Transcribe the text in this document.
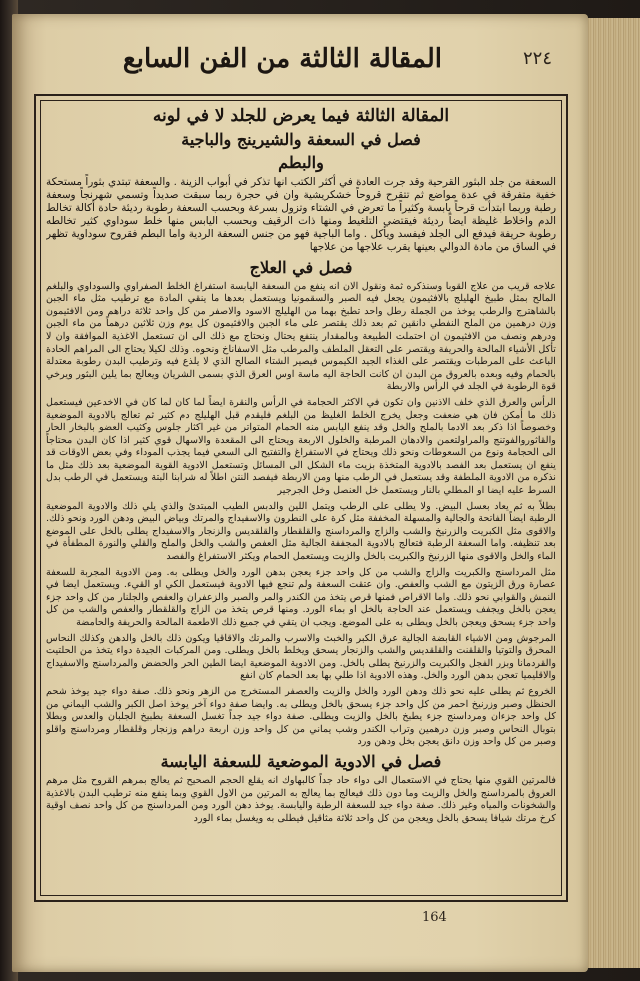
المقالة الثالثة من الفن السابع	٢٢٤
المقالة الثالثة فيما يعرض للجلد لا في لونه
فصل في السعفة والشيرينج والباجية
والبطم

السعفة من جلد البثور القرحية وقد جرت العادة في أكثر الكتب انها تذكر في أبواب الزينة . والسعفة تبتدي بثوراً مستحكة خفية متفرقة في عدة مواضع ثم تتقرح قروحاً خشكريشية وان في حجرة ربما سبقت صديداً وتسمي شهرنجاً وسعفة رطبة وربما ابتدأت قرحاً يابسة وكثيراً ما تعرض في الشتاء وتزول بسرعة وبحسب السعفة رطوبة رديئة حادة أكالة تخالط الدم واخلاط غليظة ايضاً رديئة فيقتضي التلغيط ومنها ذات الرقيف وبحسب اليابس منها خلط سوداوي كثير تخالطه رطوبة حريفة فيدفع الى الجلد فيفسد ويأكل . واما الباجية فهو من جنس السعفة الردية واما البطم فقروح سوداوية تظهر في الساق من مادة الدوالي بعينها يقرب علاجها من علاجها

فصل في العلاج

علاجه قريب من علاج القوبا وسنذكره ثمة ونقول الان انه ينفع من السعفة اليابسة استفراغ الخلط الصفراوي والسوداوي والبلغم المالح بمثل طبيخ الهليلج بالافثيمون يجعل فيه الصبر والسقمونيا ويستعمل بعدها ما ينقي المادة مع ترطيب مثل ماء الجبن بالشاهترج والرطب يوخذ من الجملة رطل واحد تطبخ بهما من الهليلج الاسود والاصفر من كل واحد ثلاثة دراهم ومن الافثيمون وزن درهمين من الملح النفطي دانقين ثم بعد ذلك يقتصر على ماء الجبن والافثيمون كل يوم وزن ثلاثين درهماً من ماء الجبن ودرهم ونصف من الافثيمون ان احتملت الطبيعة وبالمقدار ينتفع يحتال ونحتاج مع ذلك الى ان تستعمل الاغذية الموافقة وان لا تأكل الأشياء المالحة والحريفة ويقتصر على التعقل الملطف والمرطب مثل الاسفاناخ ونحوه. وذلك لكيلا يحتاج الى المراهم الحادة الباعث على المرطبات ويقتصر على الغذاء الجيد الكيموس فيصير الشتاء الصالح الذي لا يلذع فيه وترطيب البدن رطوبة معتدلة بالحمام وفيه وبعده بالعروق من البدن ان كانت الحاجة اليه ماسة اوس العرق الذي بسمى الشريان ويعالج بما يلين البثور ويرخي قوة الرطوبة في الجلد في الرأس والاربطة

الرأس والعرق الذي خلف الاذنين وان تكون في الاكثر الحجامة في الرأس والنقرة ايضاً لما كان لما كان في الاخدعين فيستعمل ذلك ما أمكن فان هي ضعفت وجعل يخرج الخلط الغليظ من البلغم فليقدم قبل الهليلج دم كثير ثم تعالج بالادوية الموضعية وخصوصاً اذا ذكر بعد الادما بالملح والخل وقد ينفع اليابس منه الحمام المتواتر من غير اكثار جلوس وكثيب العضو بالبخار الحار والقاثوروالفوتنج والمراولتعمن والادهان المرطبة والخلول الاربعة ويحتاج الى المقعدة والاسهال قوي كثير اذا كان البدن محتاجاً الى الحجامة ونوع من السعوطات ونحو ذلك ويحتاج في الاستفراغ والتفتيح الى السعي فيما يجذب الموداء وفي بعض الاوقات قد ينفع ان يستعمل بعد الفصد بالادوية المتخذة بزيت ماء الشكل الى المسائل وتستعمل الادوية القوية الموضعية بعد ذلك مثل ما نذكره من الادوية الملطفة وقد يستعمل في الرطب منها ومن الاربطة فيفصد النتن اطلاً له شرابنا البتة ويستعمل في الرطب بدل السرط عليه ايضا او المطلي بالنار ويستعمل خل العنصل وخل الجرجير

بطلاً به ثم يعاد بعسل البيض. ولا يطلى على الرطب ويتمل اللين والدبس الطيب المبتدئ والذي يلي ذلك والادوية الموضعية الرطبة ايضاً الفاتحة والجالية والمسهلة المخففة مثل كرة على النطرون والاسفيداج والمرتك وبياض البيض ودهن الورد ونحو ذلك. والاقوى مثل الكبريت والزرنيخ والشب والزاج والمرداسنج والقلقطار والقلقديس والزنجار والاسفيداج يطلى بالخل على الموضع بعد تنظيفه. واما السعفة الرطبة فتعالج بالادوية المجففة الجالية مثل العفص والشب والخل والملح والقلي والنورة المطفأة في الماء والخل والاقوى منها الزرنيخ والكبريت بالخل والزيت ويستعمل الحمام ويكثر الاستفراغ والفصد

مثل المرداسنج والكبريت والزاج والشب من كل واحد جزء يعجن بدهن الورد والخل ويطلى به. ومن الادوية المجربة للسعفة عصارة ورق الزيتون مع الشب والعفص. وان عتقت السعفة ولم تنجع فيها الادوية فيستعمل الكي او القيء. ويستعمل ايضا في النمش والقوابي نحو ذلك. واما الاقراص فمنها قرص يتخذ من الكندر والمر والصبر والزعفران والعفص والجلنار من كل واحد جزء يعجن بالخل ويجفف ويستعمل عند الحاجة بالخل او بماء الورد. ومنها قرص يتخذ من الزاج والقلقطار والعفص والشب من كل واحد جزء يسحق ويعجن بالخل ويطلى به على الموضع. ويجب ان يتقي في جميع ذلك الاطعمة المالحة والحريفة والحامضة

المرجوش ومن الاشياء القابضة الجالية عرق الكبر والخبث والاسرب والمرتك والاقاقيا ويكون ذلك بالخل والدهن وكذلك النحاس المحرق والتوتيا والقلقنت والقلقديس والشب والزنجار يسحق ويخلط بالخل ويطلى. ومن المركبات الجيدة دواء يتخذ من الحلتيت والقردمانا وبزر الفجل والكبريت والزرنيخ يطلى بالخل. ومن الادوية الموضعية ايضا الطين الحر والحضض والمرداسنج والاسفيداج والاقليميا تعجن بدهن الورد والخل. وهذه الادوية اذا طلي بها بعد الحمام كان انفع

الخروع ثم يطلى عليه نحو ذلك ودهن الورد والخل والزيت والعصفر المستخرج من الزهر ونحو ذلك. صفة دواء جيد يوخذ شحم الحنظل وصبر وزرنيخ احمر من كل واحد جزء يسحق بالخل ويطلى به. وايضا صفة دواء آخر يوخذ اصل الكبر والشب اليماني من كل واحد جزءان ومرداسنج جزء يطبخ بالخل والزيت ويطلى. صفة دواء جيد جداً تغسل السعفة بطبيخ الجلبان والعدس وبطلا بتوبال النحاس وصبر وزن درهمين وتراب الكندر وشب يماني من كل واحد وزن اربعة دراهم وزنجار وقلقطار ومرداسنج واقلو وصبر من كل واحد وزن دانق يعجن بخل ودهن ورد

فصل في الادوية الموضعية للسعفة اليابسة

فالمرتين القوي منها يحتاج في الاستعمال الى دواء حاد جداً كالبهاوك انه يقلع الحجم الصحيح ثم يعالج بمرهم القروح مثل مرهم العروق بالمرداسنج والخل والزيت وما دون ذلك فيعالج بما يعالج به المرتين من الاول القوي وبما ينفع منه ترطيب البدن بالاغذية والشخونات والمياه وغير ذلك. صفة دواء جيد للسعفة الرطبة واليابسة. يوخذ دهن الورد ومن المرداسنج من كل واحد نصف اوقية كرخ مرتك شيافا يسحق بالخل ويعجن من كل واحد ثلاثة مثاقيل فيطلى به ويغسل بماء الورد

164
